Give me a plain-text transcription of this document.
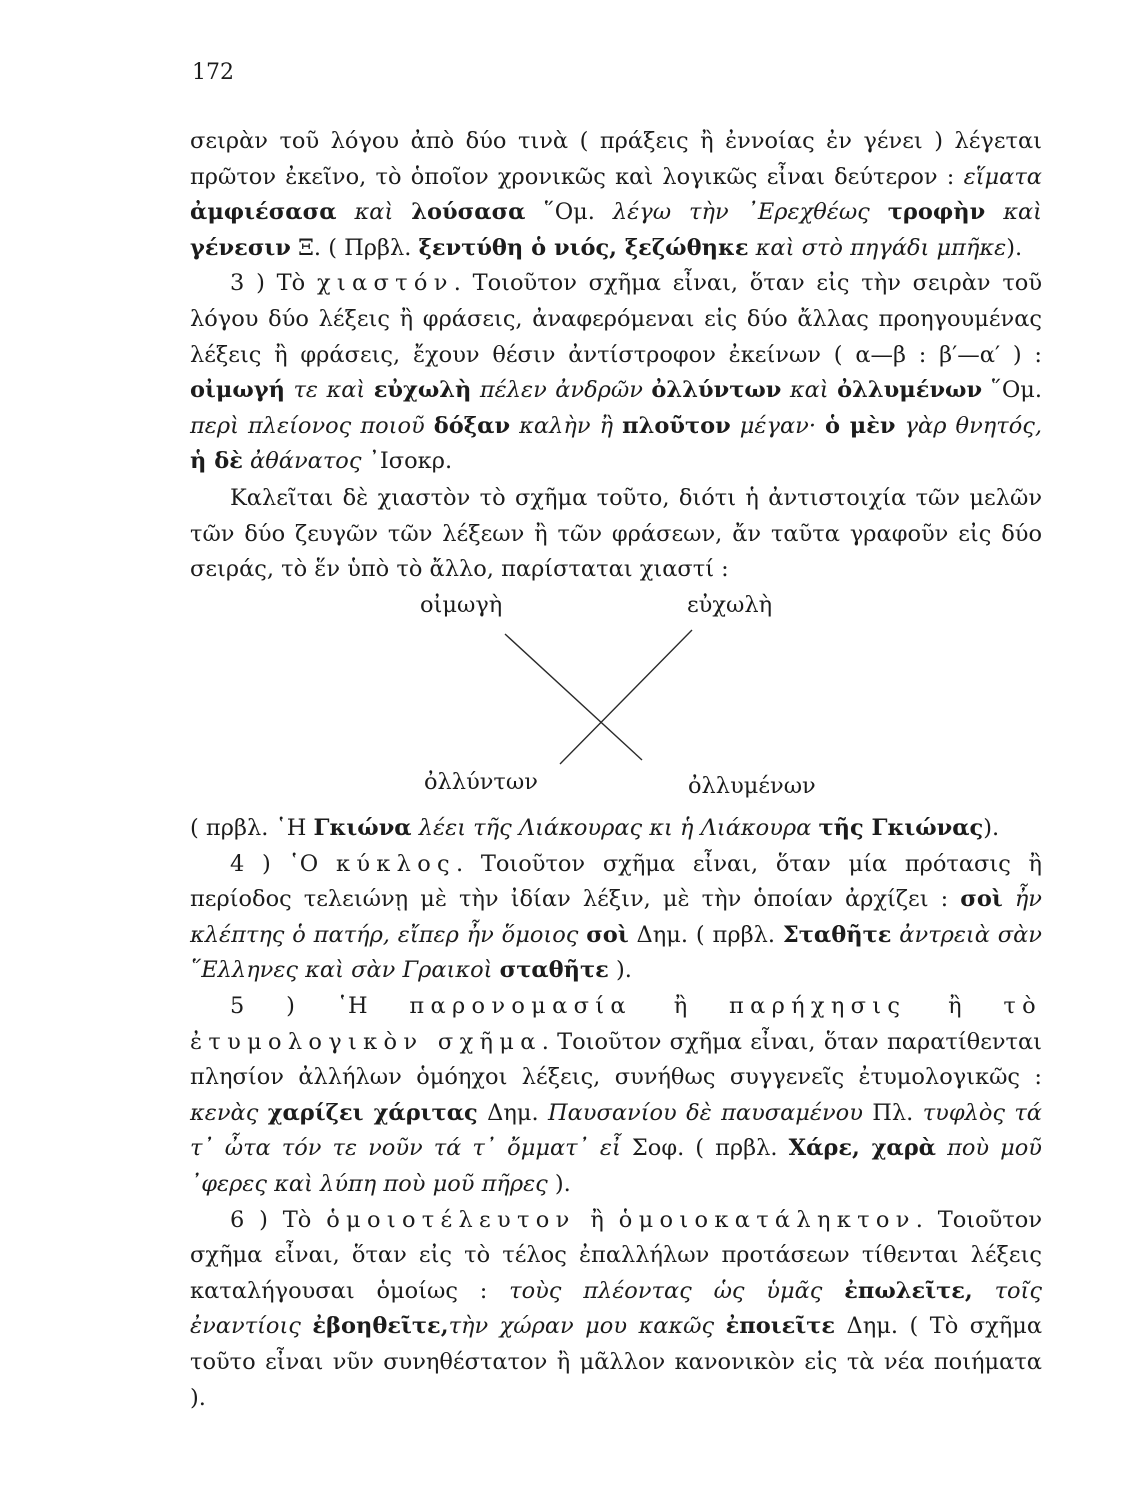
172

σειρὰν τοῦ λόγου ἀπὸ δύο τινὰ ( πράξεις ἢ ἐννοίας ἐν γένει ) λέγεται πρῶτον ἐκεῖνο, τὸ ὁποῖον χρονικῶς καὶ λογικῶς εἶναι δεύτερον : εἵματα ἀμφιέσασα καὶ λούσασα ῞Ομ. λέγω τὴν ᾿Ερεχθέως τροφὴν καὶ γένεσιν Ξ. ( Πρβλ. ξεντύθη ὁ νιός, ξεζώθηκε καὶ στὸ πηγάδι μπῆκε).

3 ) Τὸ χιαστόν. Τοιοῦτον σχῆμα εἶναι, ὅταν εἰς τὴν σειρὰν τοῦ λόγου δύο λέξεις ἢ φράσεις, ἀναφερόμεναι εἰς δύο ἄλλας προηγουμένας λέξεις ἢ φράσεις, ἔχουν θέσιν ἀντίστροφον ἐκείνων ( α—β : β′—α′ ) : οἰμωγή τε καὶ εὐχωλὴ πέλεν ἀνδρῶν ὀλλύντων καὶ ὀλλυμένων ῞Ομ. περὶ πλείονος ποιοῦ δόξαν καλὴν ἢ πλοῦτον μέγαν· ὁ μὲν γὰρ θνητός, ἡ δὲ ἀθάνατος ᾿Ισοκρ.

Καλεῖται δὲ χιαστὸν τὸ σχῆμα τοῦτο, διότι ἡ ἀντιστοιχία τῶν μελῶν τῶν δύο ζευγῶν τῶν λέξεων ἢ τῶν φράσεων, ἄν ταῦτα γραφοῦν εἰς δύο σειράς, τὸ ἕν ὑπὸ τὸ ἄλλο, παρίσταται χιαστί :

οἰμωγὴ	εὐχωλὴ
ὀλλύντων	ὀλλυμένων

( πρβλ. ῾Η Γκιώνα λέει τῆς Λιάκουρας κι ἡ Λιάκουρα τῆς Γκιώνας).

4 ) ῾Ο κύκλος. Τοιοῦτον σχῆμα εἶναι, ὅταν μία πρότασις ἢ περίοδος τελειώνῃ μὲ τὴν ἰδίαν λέξιν, μὲ τὴν ὁποίαν ἀρχίζει : σοὶ ἦν κλέπτης ὁ πατήρ, εἴπερ ἦν ὅμοιος σοὶ Δημ. ( πρβλ. Σταθῆτε ἀντρειὰ σὰν ῞Ελληνες καὶ σὰν Γραικοὶ σταθῆτε ).

5 ) ῾Η παρονομασία ἢ παρήχησις ἢ τὸ ἐτυμολογικὸν σχῆμα. Τοιοῦτον σχῆμα εἶναι, ὅταν παρατίθενται πλησίον ἀλλήλων ὁμόηχοι λέξεις, συνήθως συγγενεῖς ἐτυμολογικῶς : κενὰς χαρίζει χάριτας Δημ. Παυσανίου δὲ παυσαμένου Πλ. τυφλὸς τά τ᾿ ὦτα τόν τε νοῦν τά τ᾿ ὄμματ᾿ εἶ Σοφ. ( πρβλ. Χάρε, χαρὰ ποὺ μοῦ ᾿φερες καὶ λύπη ποὺ μοῦ πῆρες ).

6 ) Τὸ ὁμοιοτέλευτον ἢ ὁμοιοκατάληκτον. Τοιοῦτον σχῆμα εἶναι, ὅταν εἰς τὸ τέλος ἐπαλλήλων προτάσεων τίθενται λέξεις καταλήγουσαι ὁμοίως : τοὺς πλέοντας ὡς ὑμᾶς ἐπωλεῖτε, τοῖς ἐναντίοις ἐβοηθεῖτε,τὴν χώραν μου κακῶς ἐποιεῖτε Δημ. ( Τὸ σχῆμα τοῦτο εἶναι νῦν συνηθέστατον ἢ μᾶλλον κανονικὸν εἰς τὰ νέα ποιήματα ).
